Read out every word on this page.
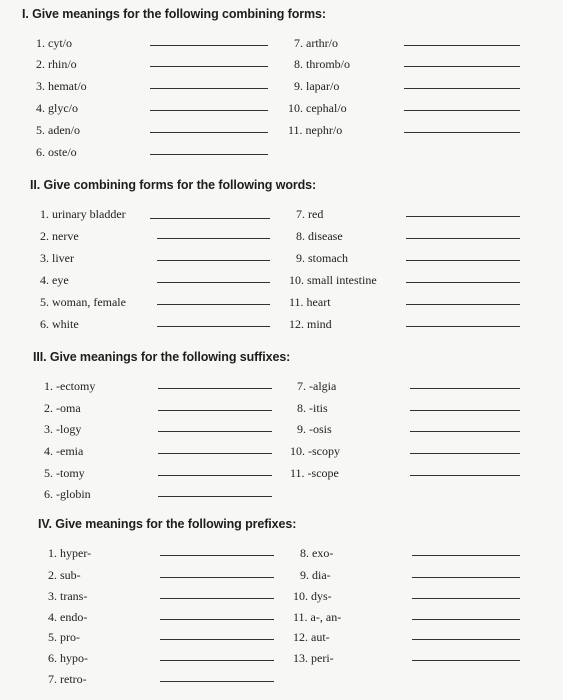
I. Give meanings for the following combining forms:
1. cyt/o
2. rhin/o
3. hemat/o
4. glyc/o
5. aden/o
6. oste/o
7. arthr/o
8. thromb/o
9. lapar/o
10. cephal/o
11. nephr/o
II. Give combining forms for the following words:
1. urinary bladder
2. nerve
3. liver
4. eye
5. woman, female
6. white
7. red
8. disease
9. stomach
10. small intestine
11. heart
12. mind
III. Give meanings for the following suffixes:
1. -ectomy
2. -oma
3. -logy
4. -emia
5. -tomy
6. -globin
7. -algia
8. -itis
9. -osis
10. -scopy
11. -scope
IV. Give meanings for the following prefixes:
1. hyper-
2. sub-
3. trans-
4. endo-
5. pro-
6. hypo-
7. retro-
8. exo-
9. dia-
10. dys-
11. a-, an-
12. aut-
13. peri-
